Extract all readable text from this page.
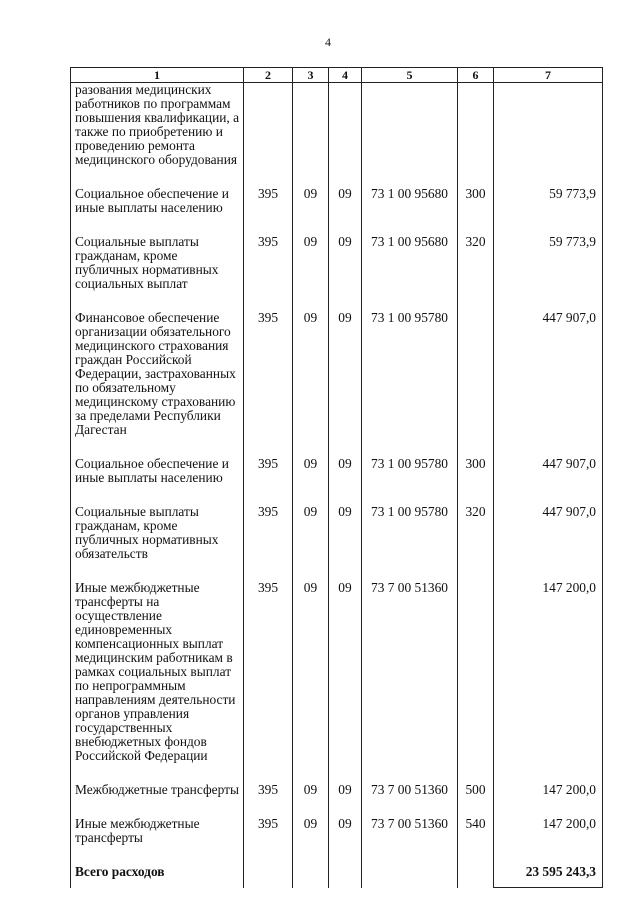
4
1	2	3	4	5	6	7
разования медицинских работников по программам повышения квалификации, а также по приобретению и проведению ремонта медицинского оборудования						
Социальное обеспечение и иные выплаты населению	395	09	09	73 1 00 95680	300	59 773,9
Социальные выплаты гражданам, кроме публичных нормативных социальных выплат	395	09	09	73 1 00 95680	320	59 773,9
Финансовое обеспечение организации обязательного медицинского страхования граждан Российской Федерации, застрахованных по обязательному медицинскому страхованию за пределами Республики Дагестан	395	09	09	73 1 00 95780		447 907,0
Социальное обеспечение и иные выплаты населению	395	09	09	73 1 00 95780	300	447 907,0
Социальные выплаты гражданам, кроме публичных нормативных обязательств	395	09	09	73 1 00 95780	320	447 907,0
Иные межбюджетные трансферты на осуществление единовременных компенсационных выплат медицинским работникам в рамках социальных выплат по непрограммным направлениям деятельности органов управления государственных внебюджетных фондов Российской Федерации	395	09	09	73 7 00 51360		147 200,0
Межбюджетные трансферты	395	09	09	73 7 00 51360	500	147 200,0
Иные межбюджетные трансферты	395	09	09	73 7 00 51360	540	147 200,0
Всего расходов						23 595 243,3
